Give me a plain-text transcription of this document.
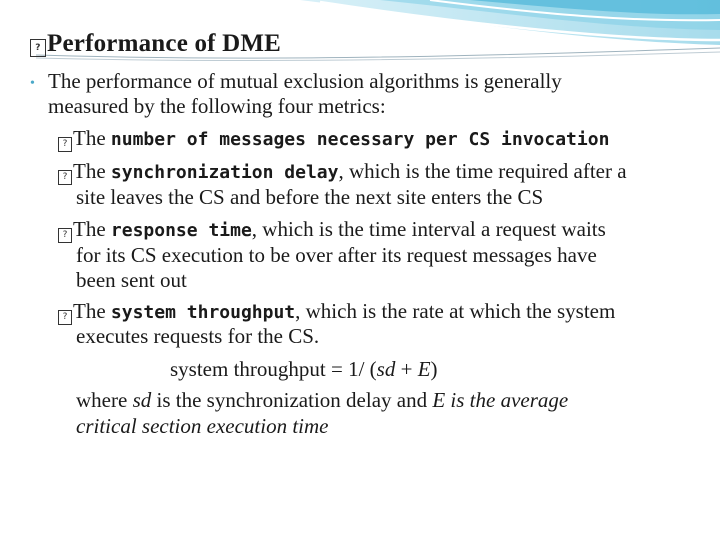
? Performance of DME
• The performance of mutual exclusion algorithms is generally
measured by the following four metrics:
? The number of messages necessary per CS invocation
? The synchronization delay, which is the time required after a
site leaves the CS and before the next site enters the CS
? The response time, which is the time interval a request waits
for its CS execution to be over after its request messages have
been sent out
? The system throughput, which is the rate at which the system
executes requests for the CS.
system throughput = 1/ (sd + E)
where sd is the synchronization delay and E is the average
critical section execution time
